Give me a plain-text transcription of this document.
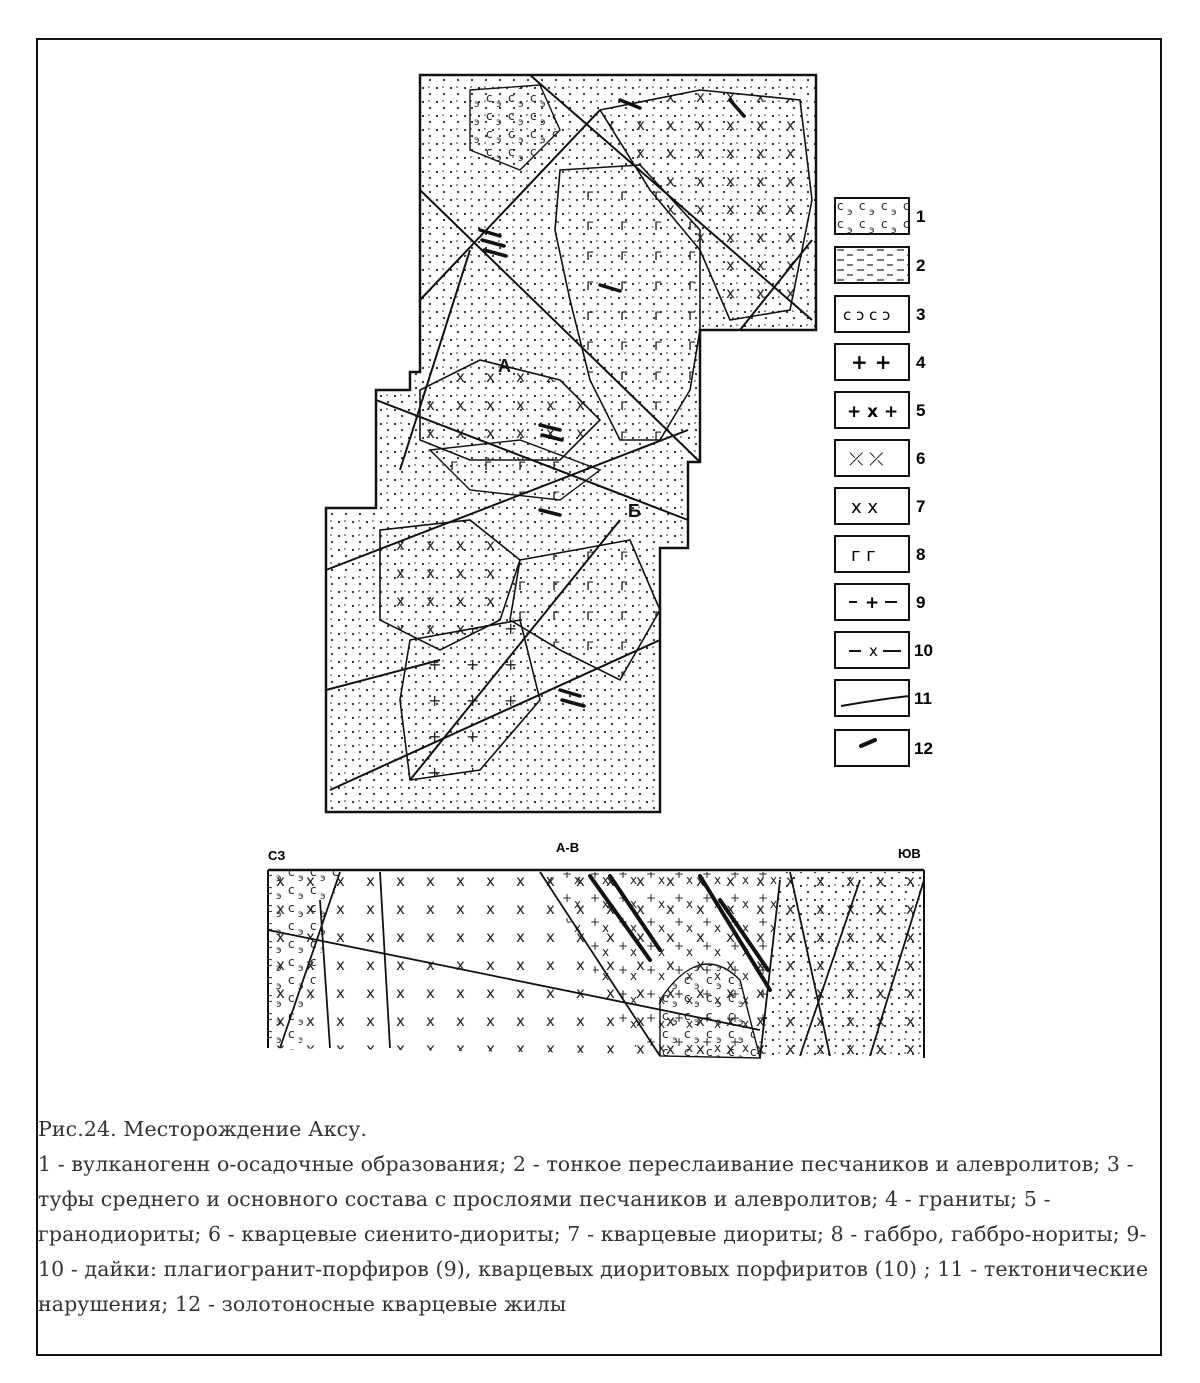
А
Б
c ɔ c ɔ
+ +
+ x +
⤫ ⤫
x x
г г
+
x
1
2
3
4
5
6
7
8
9
10
11
12
СЗ
А-В	ЮВ

Рис.24. Месторождение Аксу.

1 - вулканогенн о-осадочные образования; 2 - тонкое переслаивание песчаников и алевролитов; 3 - туфы среднего и основного состава с прослоями песчаников и алевролитов; 4 - граниты; 5 - гранодиориты; 6 - кварцевые сиенито-диориты; 7 - кварцевые диориты; 8 - габбро, габбро-нориты; 9-10 - дайки: плагиогранит-порфиров (9), кварцевых диоритовых порфиритов (10) ; 11 - тектонические нарушения; 12 - золотоносные кварцевые жилы
